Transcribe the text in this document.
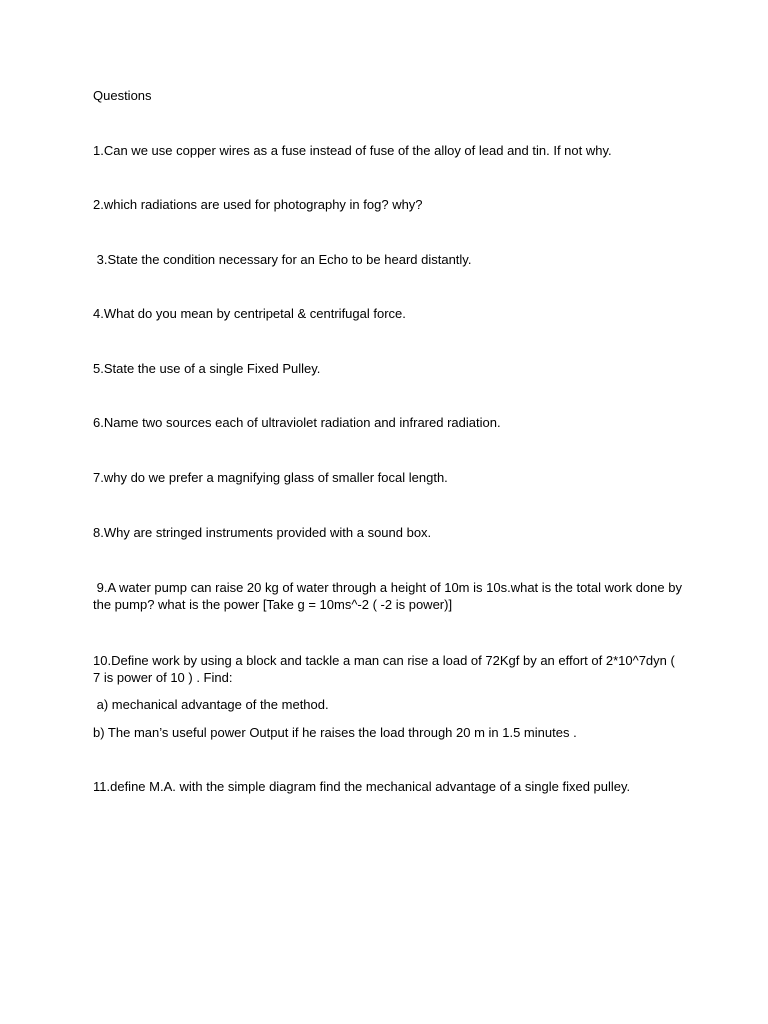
Questions

1.Can we use copper wires as a fuse instead of fuse of the alloy of lead and tin. If not why.

2.which radiations are used for photography in fog? why?

3.State the condition necessary for an Echo to be heard distantly.

4.What do you mean by centripetal & centrifugal force.

5.State the use of a single Fixed Pulley.

6.Name two sources each of ultraviolet radiation and infrared radiation.

7.why do we prefer a magnifying glass of smaller focal length.

8.Why are stringed instruments provided with a sound box.

9.A water pump can raise 20 kg of water through a height of 10m is 10s.what is the total work done by the pump? what is the power [Take g = 10ms^-2 ( -2 is power)]

10.Define work by using a block and tackle a man can rise a load of 72Kgf by an effort of 2*10^7dyn ( 7 is power of 10 ) . Find:

a) mechanical advantage of the method.

b) The man’s useful power Output if he raises the load through 20 m in 1.5 minutes .

11.define M.A. with the simple diagram find the mechanical advantage of a single fixed pulley.
